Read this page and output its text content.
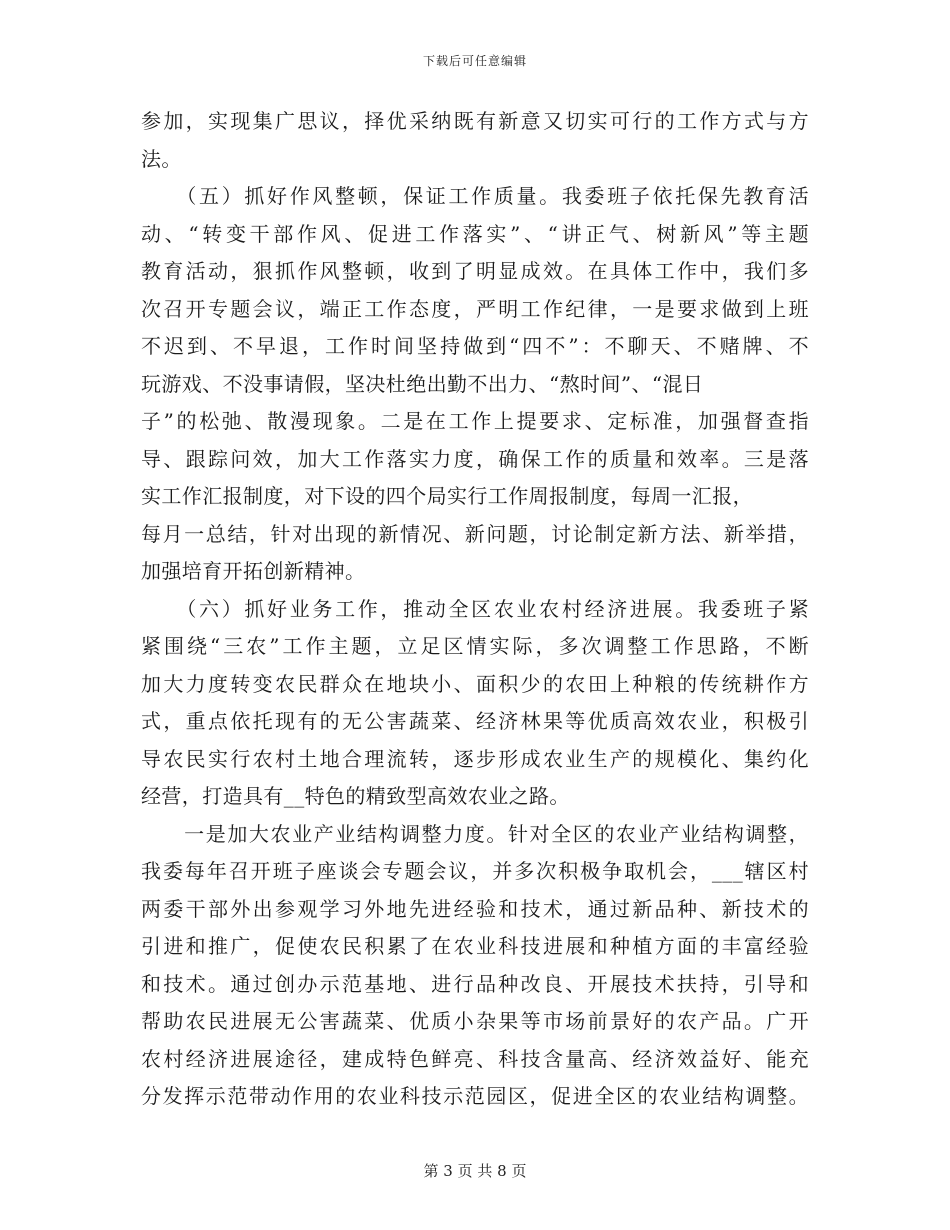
下载后可任意编辑
参加，实现集广思议，择优采纳既有新意又切实可行的工作方式与方
法。
　　（五）抓好作风整顿，保证工作质量。我委班子依托保先教育活
动、“转变干部作风、促进工作落实”、“讲正气、树新风”等主题
教育活动，狠抓作风整顿，收到了明显成效。在具体工作中，我们多
次召开专题会议，端正工作态度，严明工作纪律，一是要求做到上班
不迟到、不早退，工作时间坚持做到“四不”：不聊天、不赌牌、不
玩游戏、不没事请假，坚决杜绝出勤不出力、“熬时间”、“混日
子”的松弛、散漫现象。二是在工作上提要求、定标准，加强督查指
导、跟踪问效，加大工作落实力度，确保工作的质量和效率。三是落
实工作汇报制度，对下设的四个局实行工作周报制度，每周一汇报，
每月一总结，针对出现的新情况、新问题，讨论制定新方法、新举措，
加强培育开拓创新精神。
　　（六）抓好业务工作，推动全区农业农村经济进展。我委班子紧
紧围绕“三农”工作主题，立足区情实际，多次调整工作思路，不断
加大力度转变农民群众在地块小、面积少的农田上种粮的传统耕作方
式，重点依托现有的无公害蔬菜、经济林果等优质高效农业，积极引
导农民实行农村土地合理流转，逐步形成农业生产的规模化、集约化
经营，打造具有__特色的精致型高效农业之路。
　　一是加大农业产业结构调整力度。针对全区的农业产业结构调整，
我委每年召开班子座谈会专题会议，并多次积极争取机会，___辖区村
两委干部外出参观学习外地先进经验和技术，通过新品种、新技术的
引进和推广，促使农民积累了在农业科技进展和种植方面的丰富经验
和技术。通过创办示范基地、进行品种改良、开展技术扶持，引导和
帮助农民进展无公害蔬菜、优质小杂果等市场前景好的农产品。广开
农村经济进展途径，建成特色鲜亮、科技含量高、经济效益好、能充
分发挥示范带动作用的农业科技示范园区，促进全区的农业结构调整。
第 3 页 共 8 页
